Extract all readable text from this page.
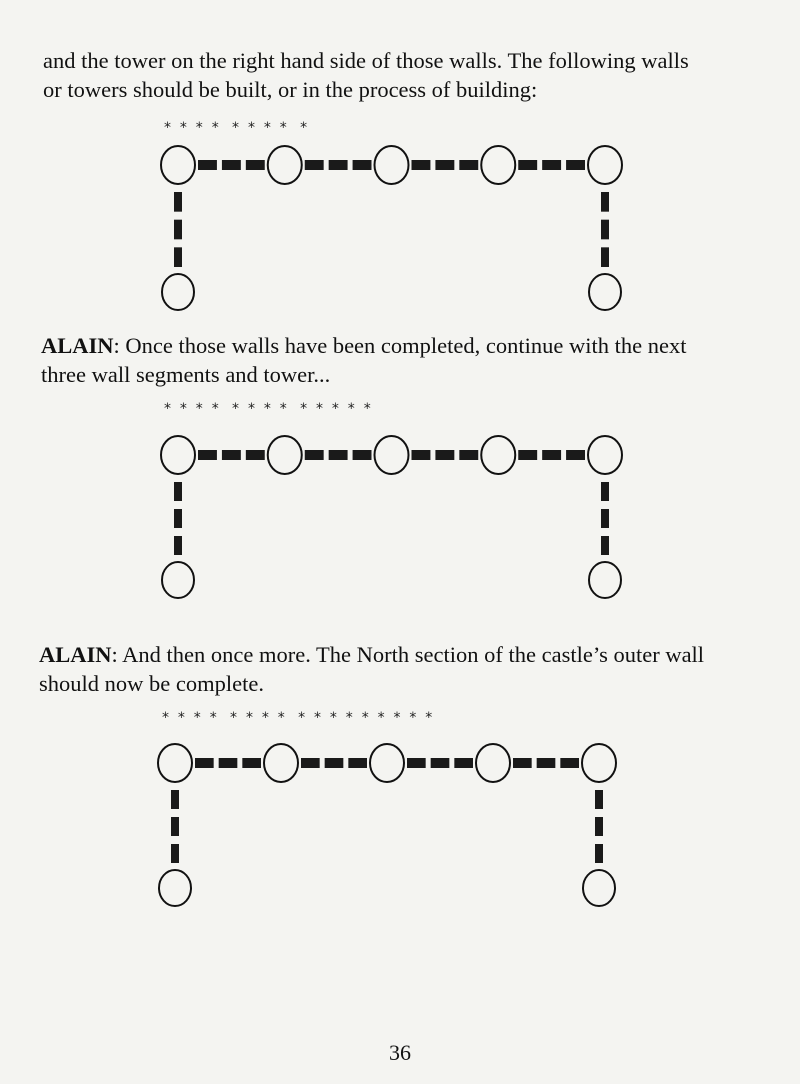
and the tower on the right hand side of those walls. The following walls
or towers should be built, or in the process of building:

*  *  *  *   *  *  *  *   *

ALAIN: Once those walls have been completed, continue with the next
three wall segments and tower...

*  *  *  *   *  *  *  *   *  *  *  *  *

ALAIN: And then once more. The North section of the castle’s outer wall
should now be complete.

*  *  *  *   *  *  *  *   *  *  *  *  *  *  *  *  *
36
